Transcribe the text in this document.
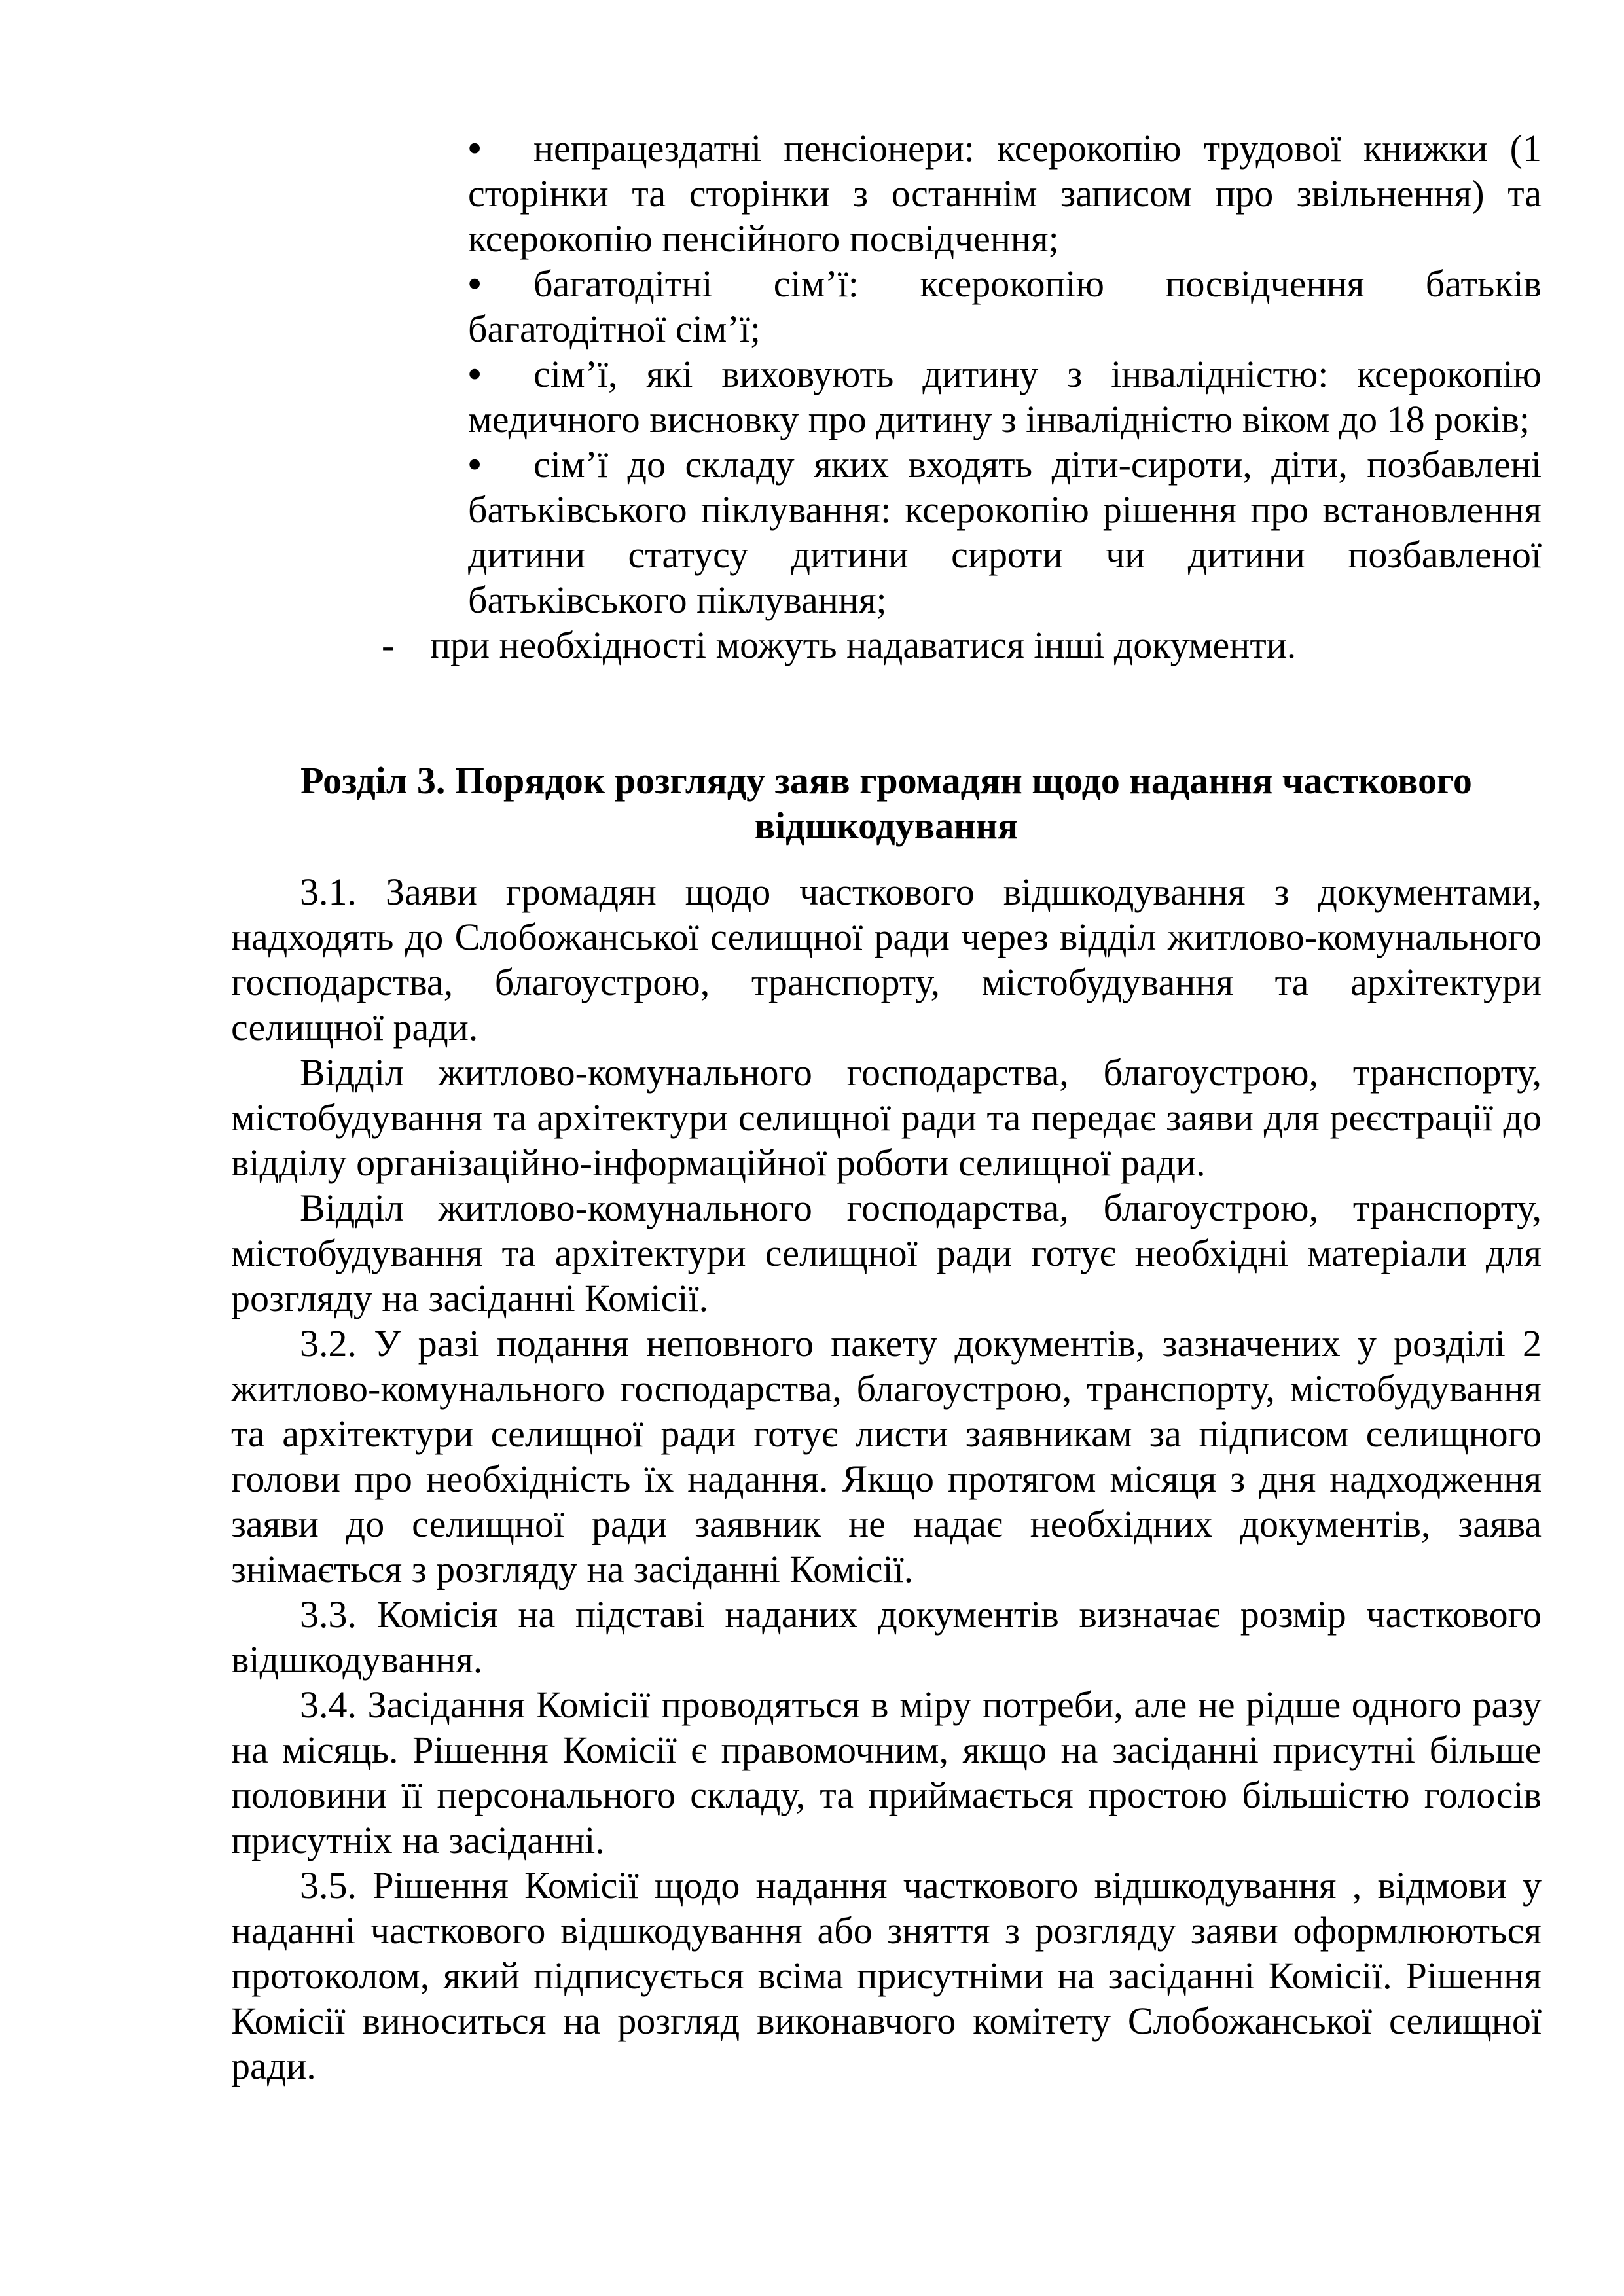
• непрацездатні пенсіонери: ксерокопію трудової книжки (1 сторінки та сторінки з останнім записом про звільнення) та ксерокопію пенсійного посвідчення;
• багатодітні сім’ї: ксерокопію посвідчення батьків багатодітної сім’ї;
• сім’ї, які виховують дитину з інвалідністю: ксерокопію медичного висновку про дитину з інвалідністю віком до 18 років;
• сім’ї до складу яких входять діти-сироти, діти, позбавлені батьківського піклування: ксерокопію рішення про встановлення дитини статусу дитини сироти чи дитини позбавленої батьківського піклування;
- при необхідності можуть надаватися інші документи.
Розділ 3. Порядок розгляду заяв громадян щодо надання часткового відшкодування

3.1. Заяви громадян щодо часткового відшкодування з документами, надходять до Слобожанської селищної ради через відділ житлово-комунального господарства, благоустрою, транспорту, містобудування та архітектури селищної ради.

Відділ житлово-комунального господарства, благоустрою, транспорту, містобудування та архітектури селищної ради та передає заяви для реєстрації до відділу організаційно-інформаційної роботи селищної ради.

Відділ житлово-комунального господарства, благоустрою, транспорту, містобудування та архітектури селищної ради готує необхідні матеріали для розгляду на засіданні Комісії.

3.2. У разі подання неповного пакету документів, зазначених у розділі 2 житлово-комунального господарства, благоустрою, транспорту, містобудування та архітектури селищної ради готує листи заявникам за підписом селищного голови про необхідність їх надання. Якщо протягом місяця з дня надходження заяви до селищної ради заявник не надає необхідних документів, заява знімається з розгляду на засіданні Комісії.

3.3. Комісія на підставі наданих документів визначає розмір часткового відшкодування.

3.4. Засідання Комісії проводяться в міру потреби, але не рідше одного разу на місяць. Рішення Комісії є правомочним, якщо на засіданні присутні більше половини її персонального складу, та приймається простою більшістю голосів присутніх на засіданні.

3.5. Рішення Комісії щодо надання часткового відшкодування , відмови у наданні часткового відшкодування або зняття з розгляду заяви оформлюються протоколом, який підписується всіма присутніми на засіданні Комісії. Рішення Комісії виноситься на розгляд виконавчого комітету Слобожанської селищної ради.
